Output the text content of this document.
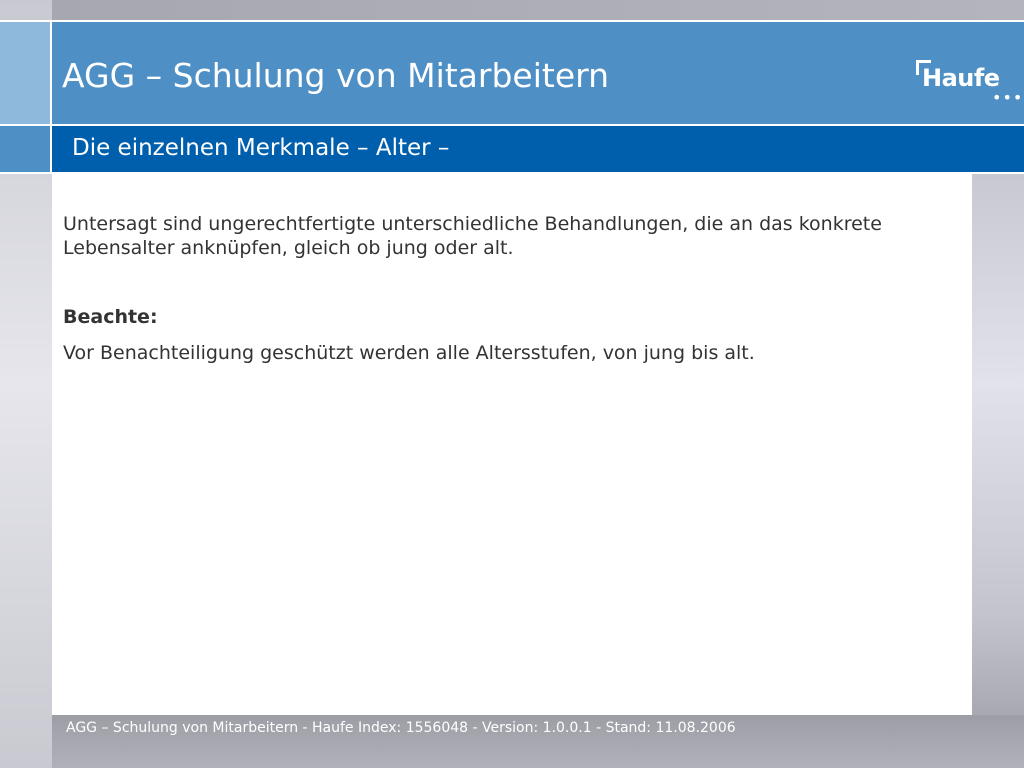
AGG – Schulung von Mitarbeitern	Haufe
•••
Die einzelnen Merkmale – Alter –

Untersagt sind ungerechtfertigte unterschiedliche Behandlungen, die an das konkrete Lebensalter anknüpfen, gleich ob jung oder alt.

Beachte:

Vor Benachteiligung geschützt werden alle Altersstufen, von jung bis alt.

AGG – Schulung von Mitarbeitern - Haufe Index: 1556048 - Version: 1.0.0.1 - Stand: 11.08.2006
